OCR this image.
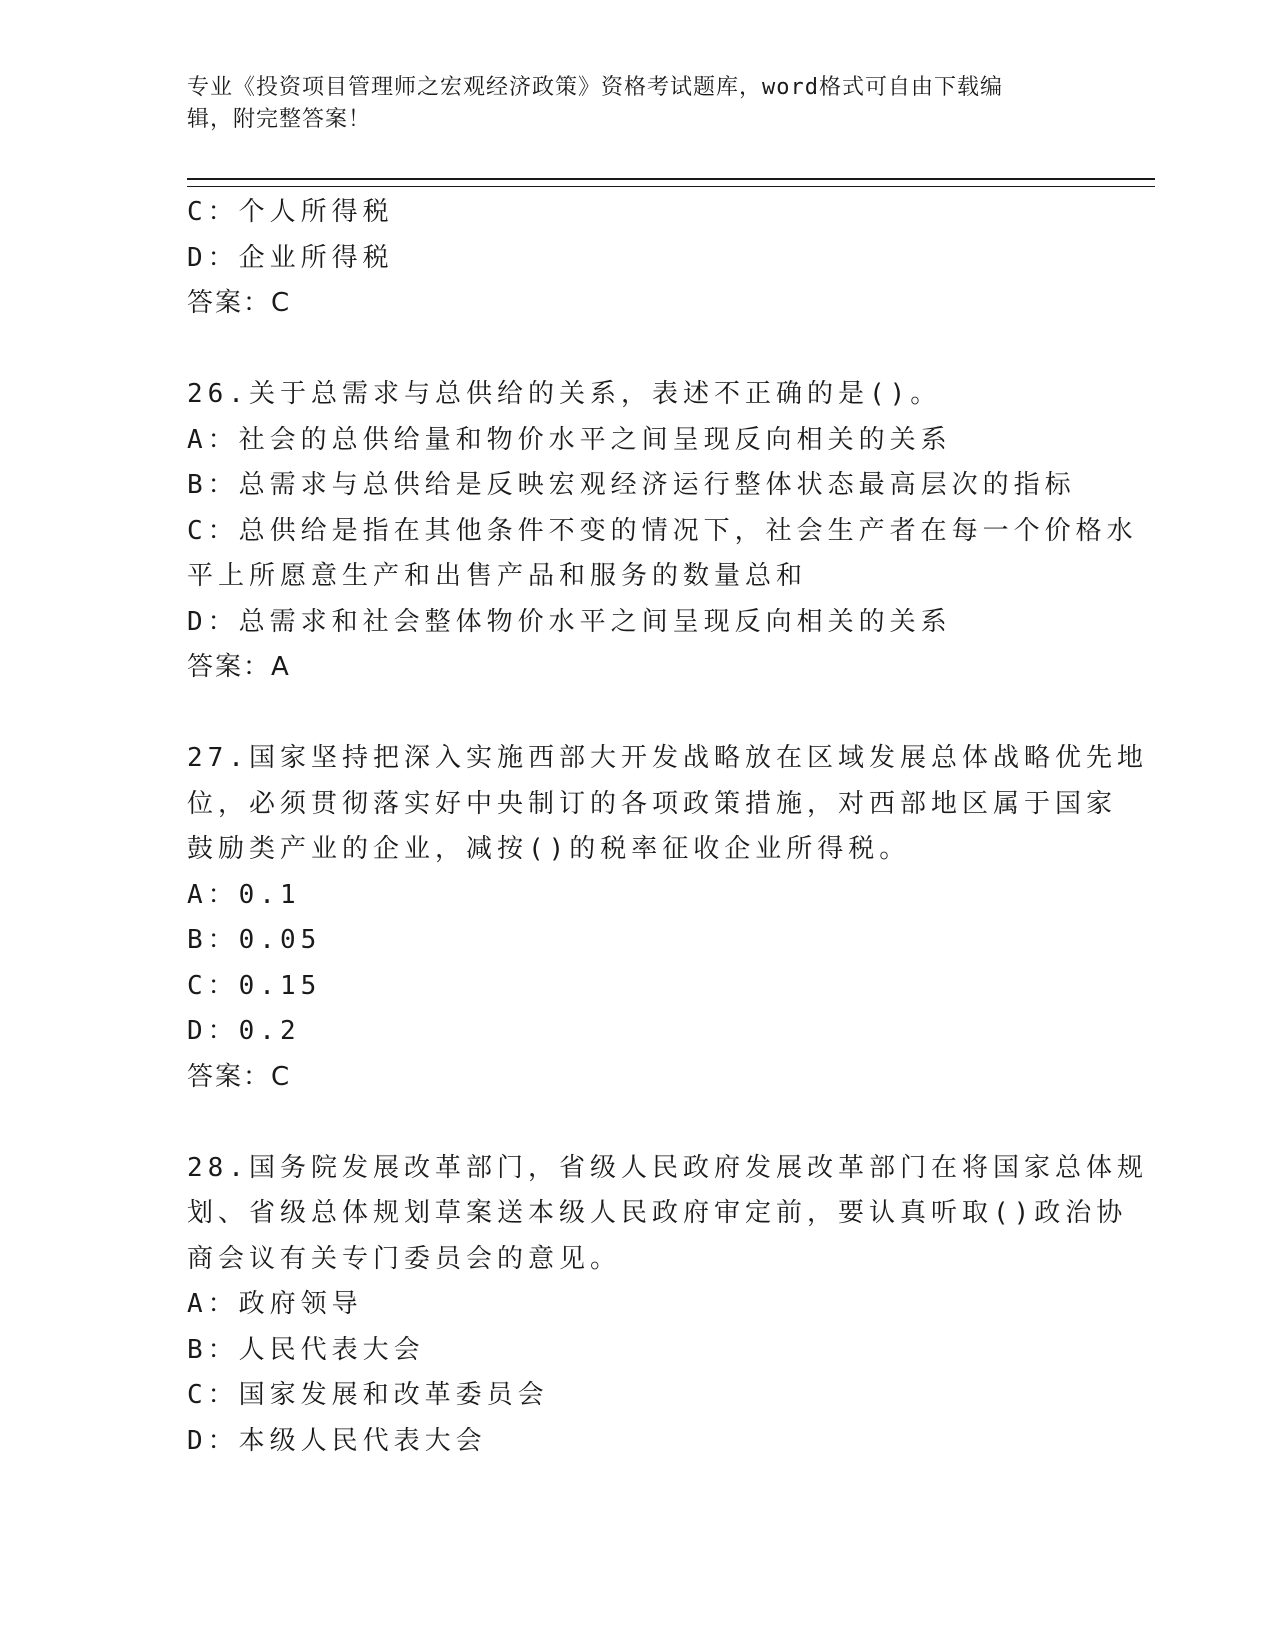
专业《投资项目管理师之宏观经济政策》资格考试题库，word格式可自由下载编
辑，附完整答案！
C：个人所得税
D：企业所得税
答案：C
26.关于总需求与总供给的关系，表述不正确的是()。
A：社会的总供给量和物价水平之间呈现反向相关的关系
B：总需求与总供给是反映宏观经济运行整体状态最高层次的指标
C：总供给是指在其他条件不变的情况下，社会生产者在每一个价格水
平上所愿意生产和出售产品和服务的数量总和
D：总需求和社会整体物价水平之间呈现反向相关的关系
答案：A
27.国家坚持把深入实施西部大开发战略放在区域发展总体战略优先地
位，必须贯彻落实好中央制订的各项政策措施，对西部地区属于国家
鼓励类产业的企业，减按()的税率征收企业所得税。
A：0.1
B：0.05
C：0.15
D：0.2
答案：C
28.国务院发展改革部门，省级人民政府发展改革部门在将国家总体规
划、省级总体规划草案送本级人民政府审定前，要认真听取()政治协
商会议有关专门委员会的意见。
A：政府领导
B：人民代表大会
C：国家发展和改革委员会
D：本级人民代表大会
